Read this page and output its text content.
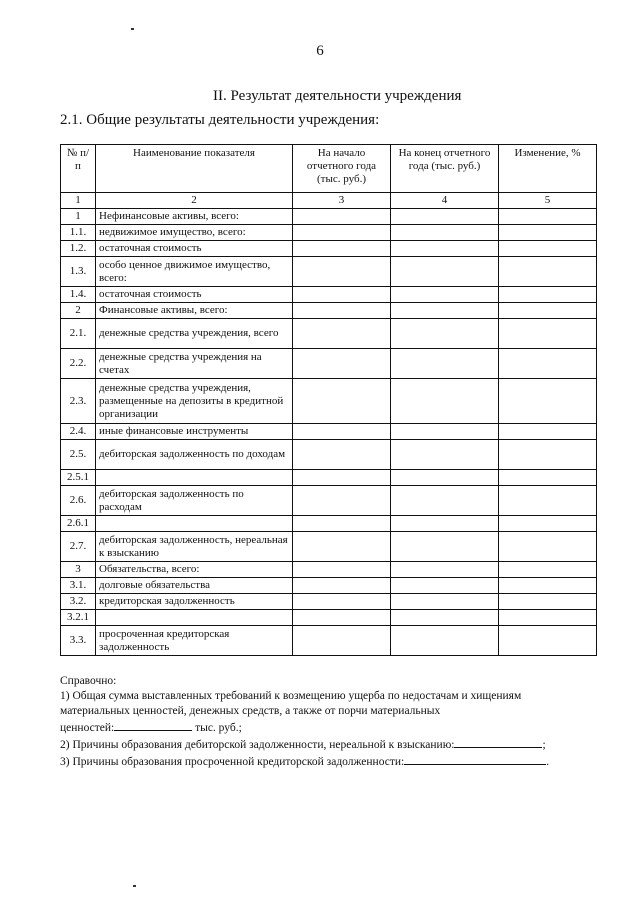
6
II. Результат деятельности учреждения
2.1. Общие результаты деятельности учреждения:
№ п/п	Наименование показателя	На начало отчетного года (тыс. руб.)	На конец отчетного года (тыс. руб.)	Изменение, %
1	2	3	4	5
1	Нефинансовые активы, всего:			
1.1.	недвижимое имущество, всего:			
1.2.	остаточная стоимость			
1.3.	особо ценное движимое имущество, всего:			
1.4.	остаточная стоимость			
2	Финансовые активы, всего:			
2.1.	денежные средства учреждения, всего			
2.2.	денежные средства учреждения на счетах			
2.3.	денежные средства учреждения, размещенные на депозиты в кредитной организации			
2.4.	иные финансовые инструменты			
2.5.	дебиторская задолженность по доходам			
2.5.1				
2.6.	дебиторская задолженность по расходам			
2.6.1				
2.7.	дебиторская задолженность, нереальная к взысканию			
3	Обязательства, всего:			
3.1.	долговые обязательства			
3.2.	кредиторская задолженность			
3.2.1				
3.3.	просроченная кредиторская задолженность			
Справочно:
1) Общая сумма выставленных требований к возмещению ущерба по недостачам и хищениям
материальных ценностей, денежных средств, а также от порчи материальных
ценностей:	тыс. руб.;
2) Причины образования дебиторской задолженности, нереальной к взысканию:	;
3) Причины образования просроченной кредиторской задолженности:	.
